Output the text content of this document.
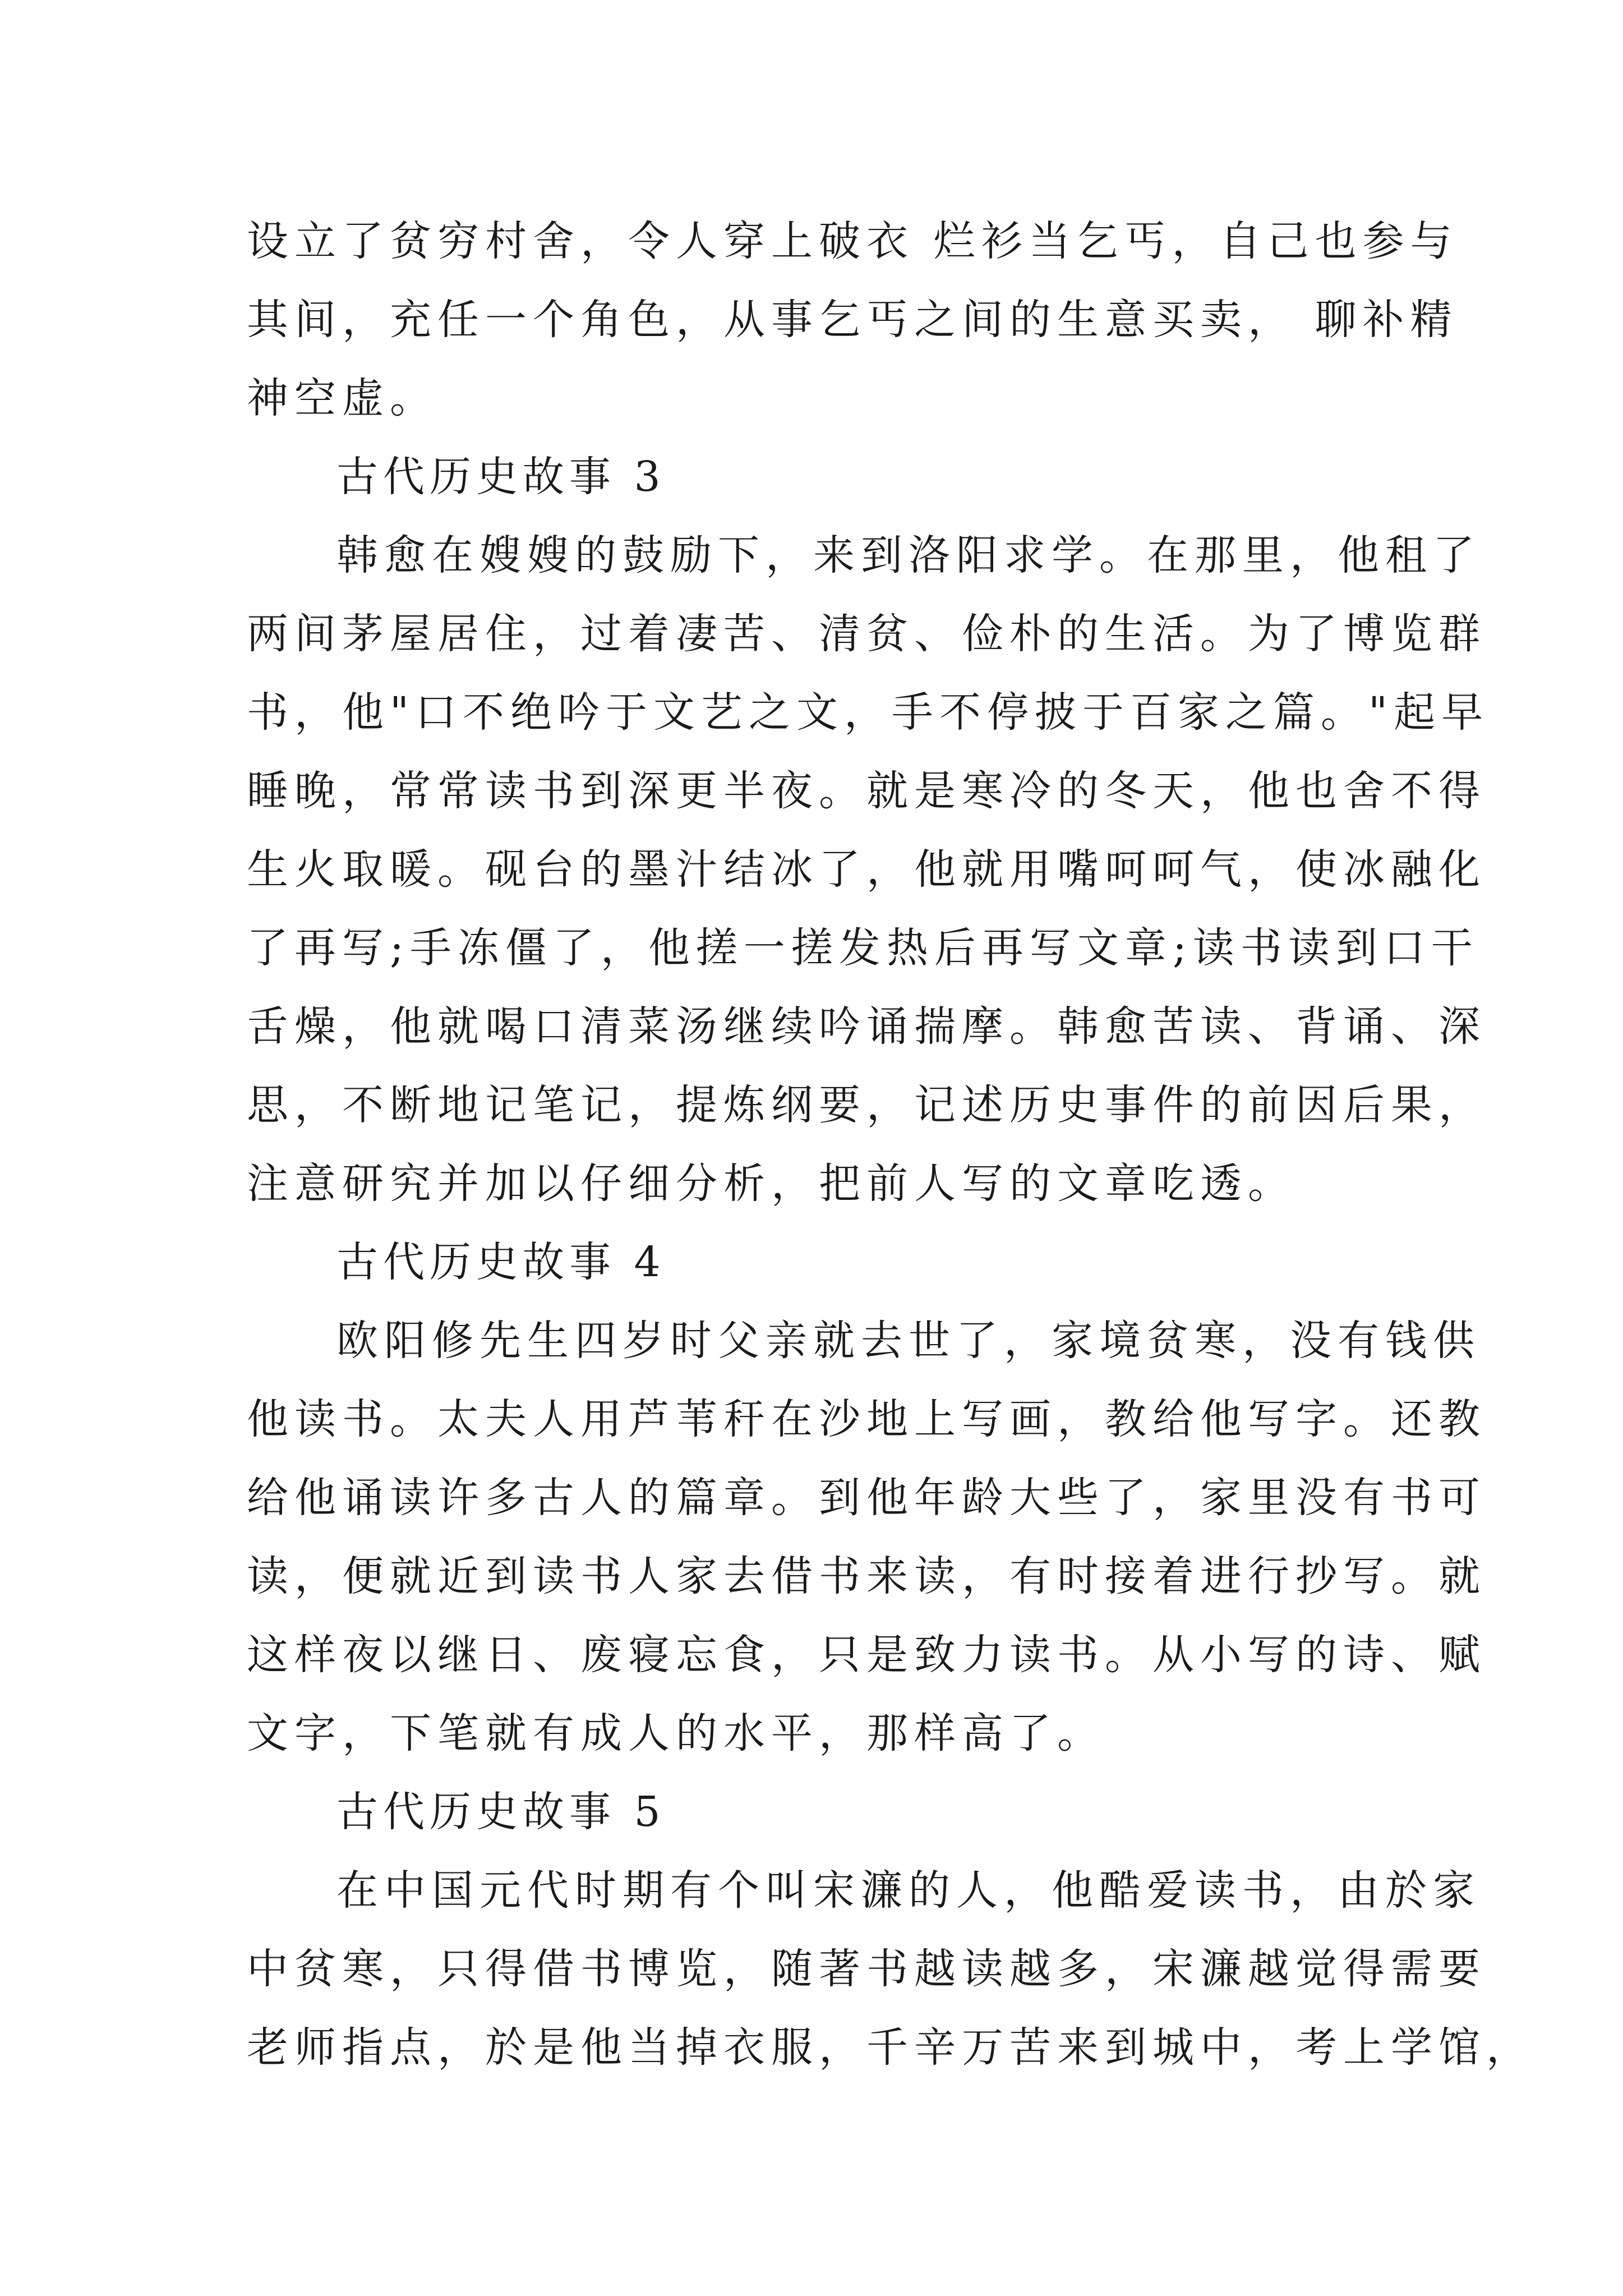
设立了贫穷村舍，令人穿上破衣 烂衫当乞丐，自己也参与

其间，充任一个角色，从事乞丐之间的生意买卖， 聊补精

神空虚。

古代历史故事 3

韩愈在嫂嫂的鼓励下，来到洛阳求学。在那里，他租了

两间茅屋居住，过着凄苦、清贫、俭朴的生活。为了博览群

书，他"口不绝吟于文艺之文，手不停披于百家之篇。"起早

睡晚，常常读书到深更半夜。就是寒冷的冬天，他也舍不得

生火取暖。砚台的墨汁结冰了，他就用嘴呵呵气，使冰融化

了再写;手冻僵了，他搓一搓发热后再写文章;读书读到口干

舌燥，他就喝口清菜汤继续吟诵揣摩。韩愈苦读、背诵、深

思，不断地记笔记，提炼纲要，记述历史事件的前因后果，

注意研究并加以仔细分析，把前人写的文章吃透。

古代历史故事 4

欧阳修先生四岁时父亲就去世了，家境贫寒，没有钱供

他读书。太夫人用芦苇秆在沙地上写画，教给他写字。还教

给他诵读许多古人的篇章。到他年龄大些了，家里没有书可

读，便就近到读书人家去借书来读，有时接着进行抄写。就

这样夜以继日、废寝忘食，只是致力读书。从小写的诗、赋

文字，下笔就有成人的水平，那样高了。

古代历史故事 5

在中国元代时期有个叫宋濂的人，他酷爱读书，由於家

中贫寒，只得借书博览，随著书越读越多，宋濂越觉得需要

老师指点，於是他当掉衣服，千辛万苦来到城中，考上学馆，
